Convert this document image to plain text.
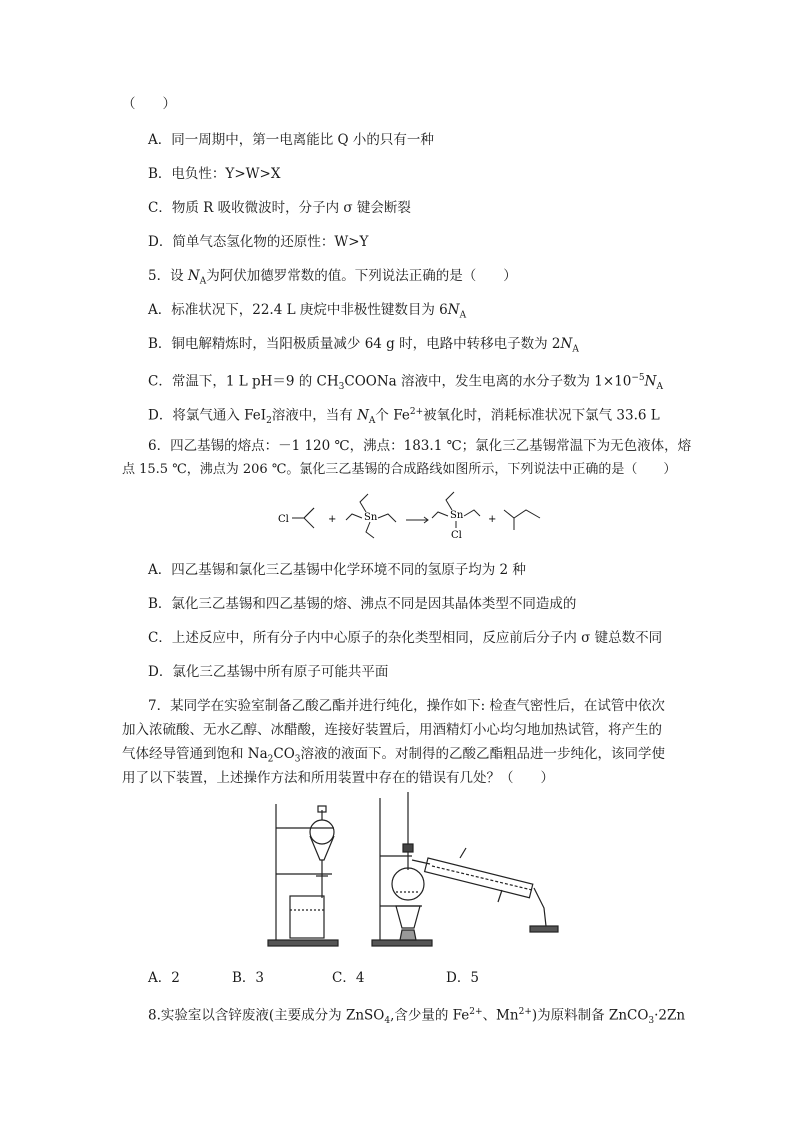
（　　）
A．同一周期中，第一电离能比 Q 小的只有一种
B．电负性：Y>W>X
C．物质 R 吸收微波时，分子内 σ 键会断裂
D．简单气态氢化物的还原性：W>Y
5．设 $N_A$为阿伏加德罗常数的值。下列说法正确的是（　　）
A．标准状况下，22.4 L 庚烷中非极性键数目为 $6N_A$
B．铜电解精炼时，当阳极质量减少 64 g 时，电路中转移电子数为 $2N_A$
C．常温下，1 L pH＝9 的 $CH_3COONa$ 溶液中，发生电离的水分子数为 $1\times 10^{-5}N_A$
D．将氯气通入 FeI$_2$溶液中，当有 $N_A$个 $Fe^{2+}$被氧化时，消耗标准状况下氯气 33.6 L
6．四乙基锡的熔点：－1 120 ℃，沸点：183.1 ℃；氯化三乙基锡常温下为无色液体，熔
点 15.5 ℃，沸点为 206 ℃。氯化三乙基锡的合成路线如图所示，下列说法中正确的是（　　）
Cl	+	Sn	Sn
Cl
+
A．四乙基锡和氯化三乙基锡中化学环境不同的氢原子均为 2 种
B．氯化三乙基锡和四乙基锡的熔、沸点不同是因其晶体类型不同造成的
C．上述反应中，所有分子内中心原子的杂化类型相同，反应前后分子内 σ 键总数不同
D．氯化三乙基锡中所有原子可能共平面
7．某同学在实验室制备乙酸乙酯并进行纯化，操作如下: 检查气密性后，在试管中依次
加入浓硫酸、无水乙醇、冰醋酸，连接好装置后，用酒精灯小心均匀地加热试管，将产生的
气体经导管通到饱和 $Na_2CO_3$溶液的液面下。对制得的乙酸乙酯粗品进一步纯化，该同学使
用了以下装置，上述操作方法和所用装置中存在的错误有几处？（　　）
A．2	B．3	C．4	D．5
8.实验室以含锌废液(主要成分为 ZnSO$_4$,含少量的 $Fe^{2+}$、$Mn^{2+}$)为原料制备 ZnCO$_3$·2Zn
